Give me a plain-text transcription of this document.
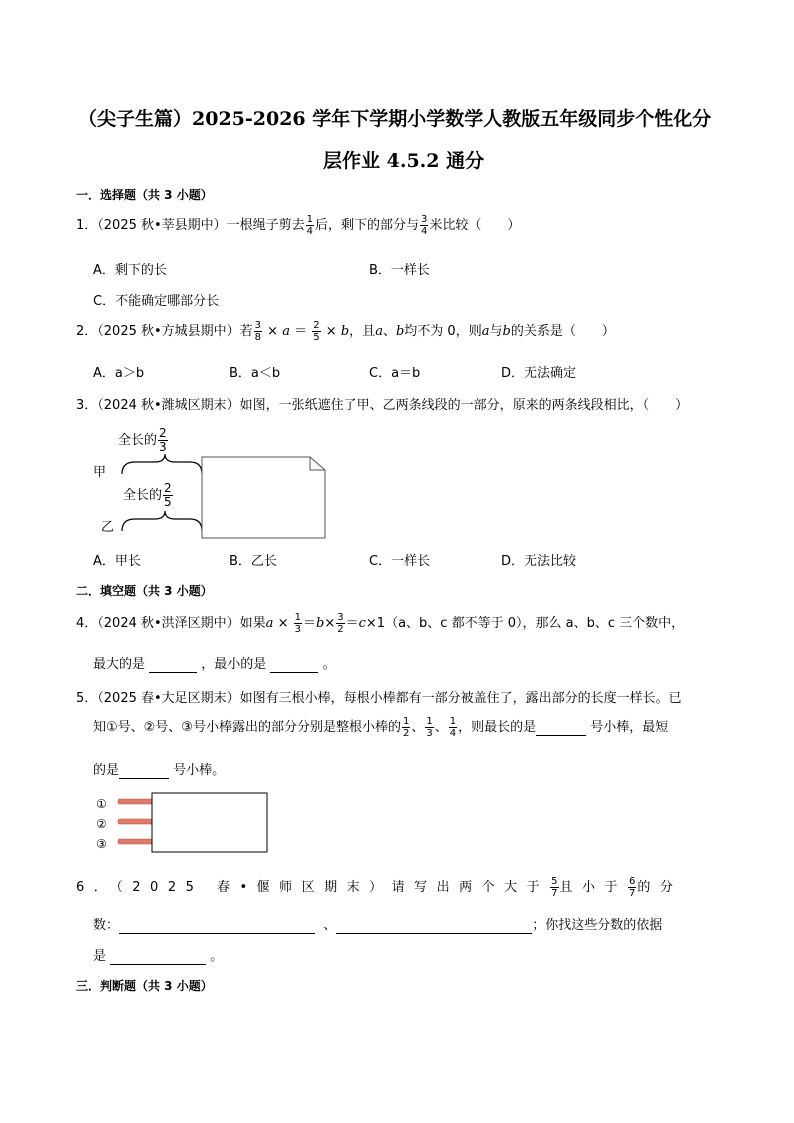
（尖子生篇）2025-2026 学年下学期小学数学人教版五年级同步个性化分
层作业 4.5.2 通分
一．选择题（共 3 小题）
1．（2025 秋•莘县期中）一根绳子剪去 $\frac{1}{4}$ 后，剩下的部分与 $\frac{3}{4}$ 米比较（　　）
A．剩下的长	B．一样长
C．不能确定哪部分长
2．（2025 秋•方城县期中）若 $\frac{3}{8} \times a = \frac{2}{5} \times b$，且a、b均不为 0，则a与b的关系是（　　）
A．a＞b	B．a＜b	C．a＝b	D．无法确定
3．（2024 秋•潍城区期末）如图，一张纸遮住了甲、乙两条线段的一部分，原来的两条线段相比，（　　）
全长的 $\frac{2}{3}$
甲
全长的 $\frac{2}{5}$
乙
A．甲长	B．乙长	C．一样长	D．无法比较
二．填空题（共 3 小题）
4．（2024 秋•洪泽区期中）如果$a \times \frac{1}{3} =b\times \frac{3}{2} =c\times 1(a$、b、c 都不等于 0），那么 a、b、c 三个数中，
最大的是	，最小的是	。
5．（2025 春•大足区期末）如图有三根小棒，每根小棒都有一部分被盖住了，露出部分的长度一样长。已
知①号、②号、③号小棒露出的部分分别是整根小棒的 $\frac{1}{2}$ 、 $\frac{1}{3}$ 、 $\frac{1}{4}$ ，则最长的是	号小棒，最短
的是	号小棒。
①
②
③
6．（2025 春•偃师区期末）请写出两个大于 $\frac{5}{7}$ 且小于 $\frac{6}{7}$ 的分
数：	、	；你找这些分数的依据
是	。
三．判断题（共 3 小题）
